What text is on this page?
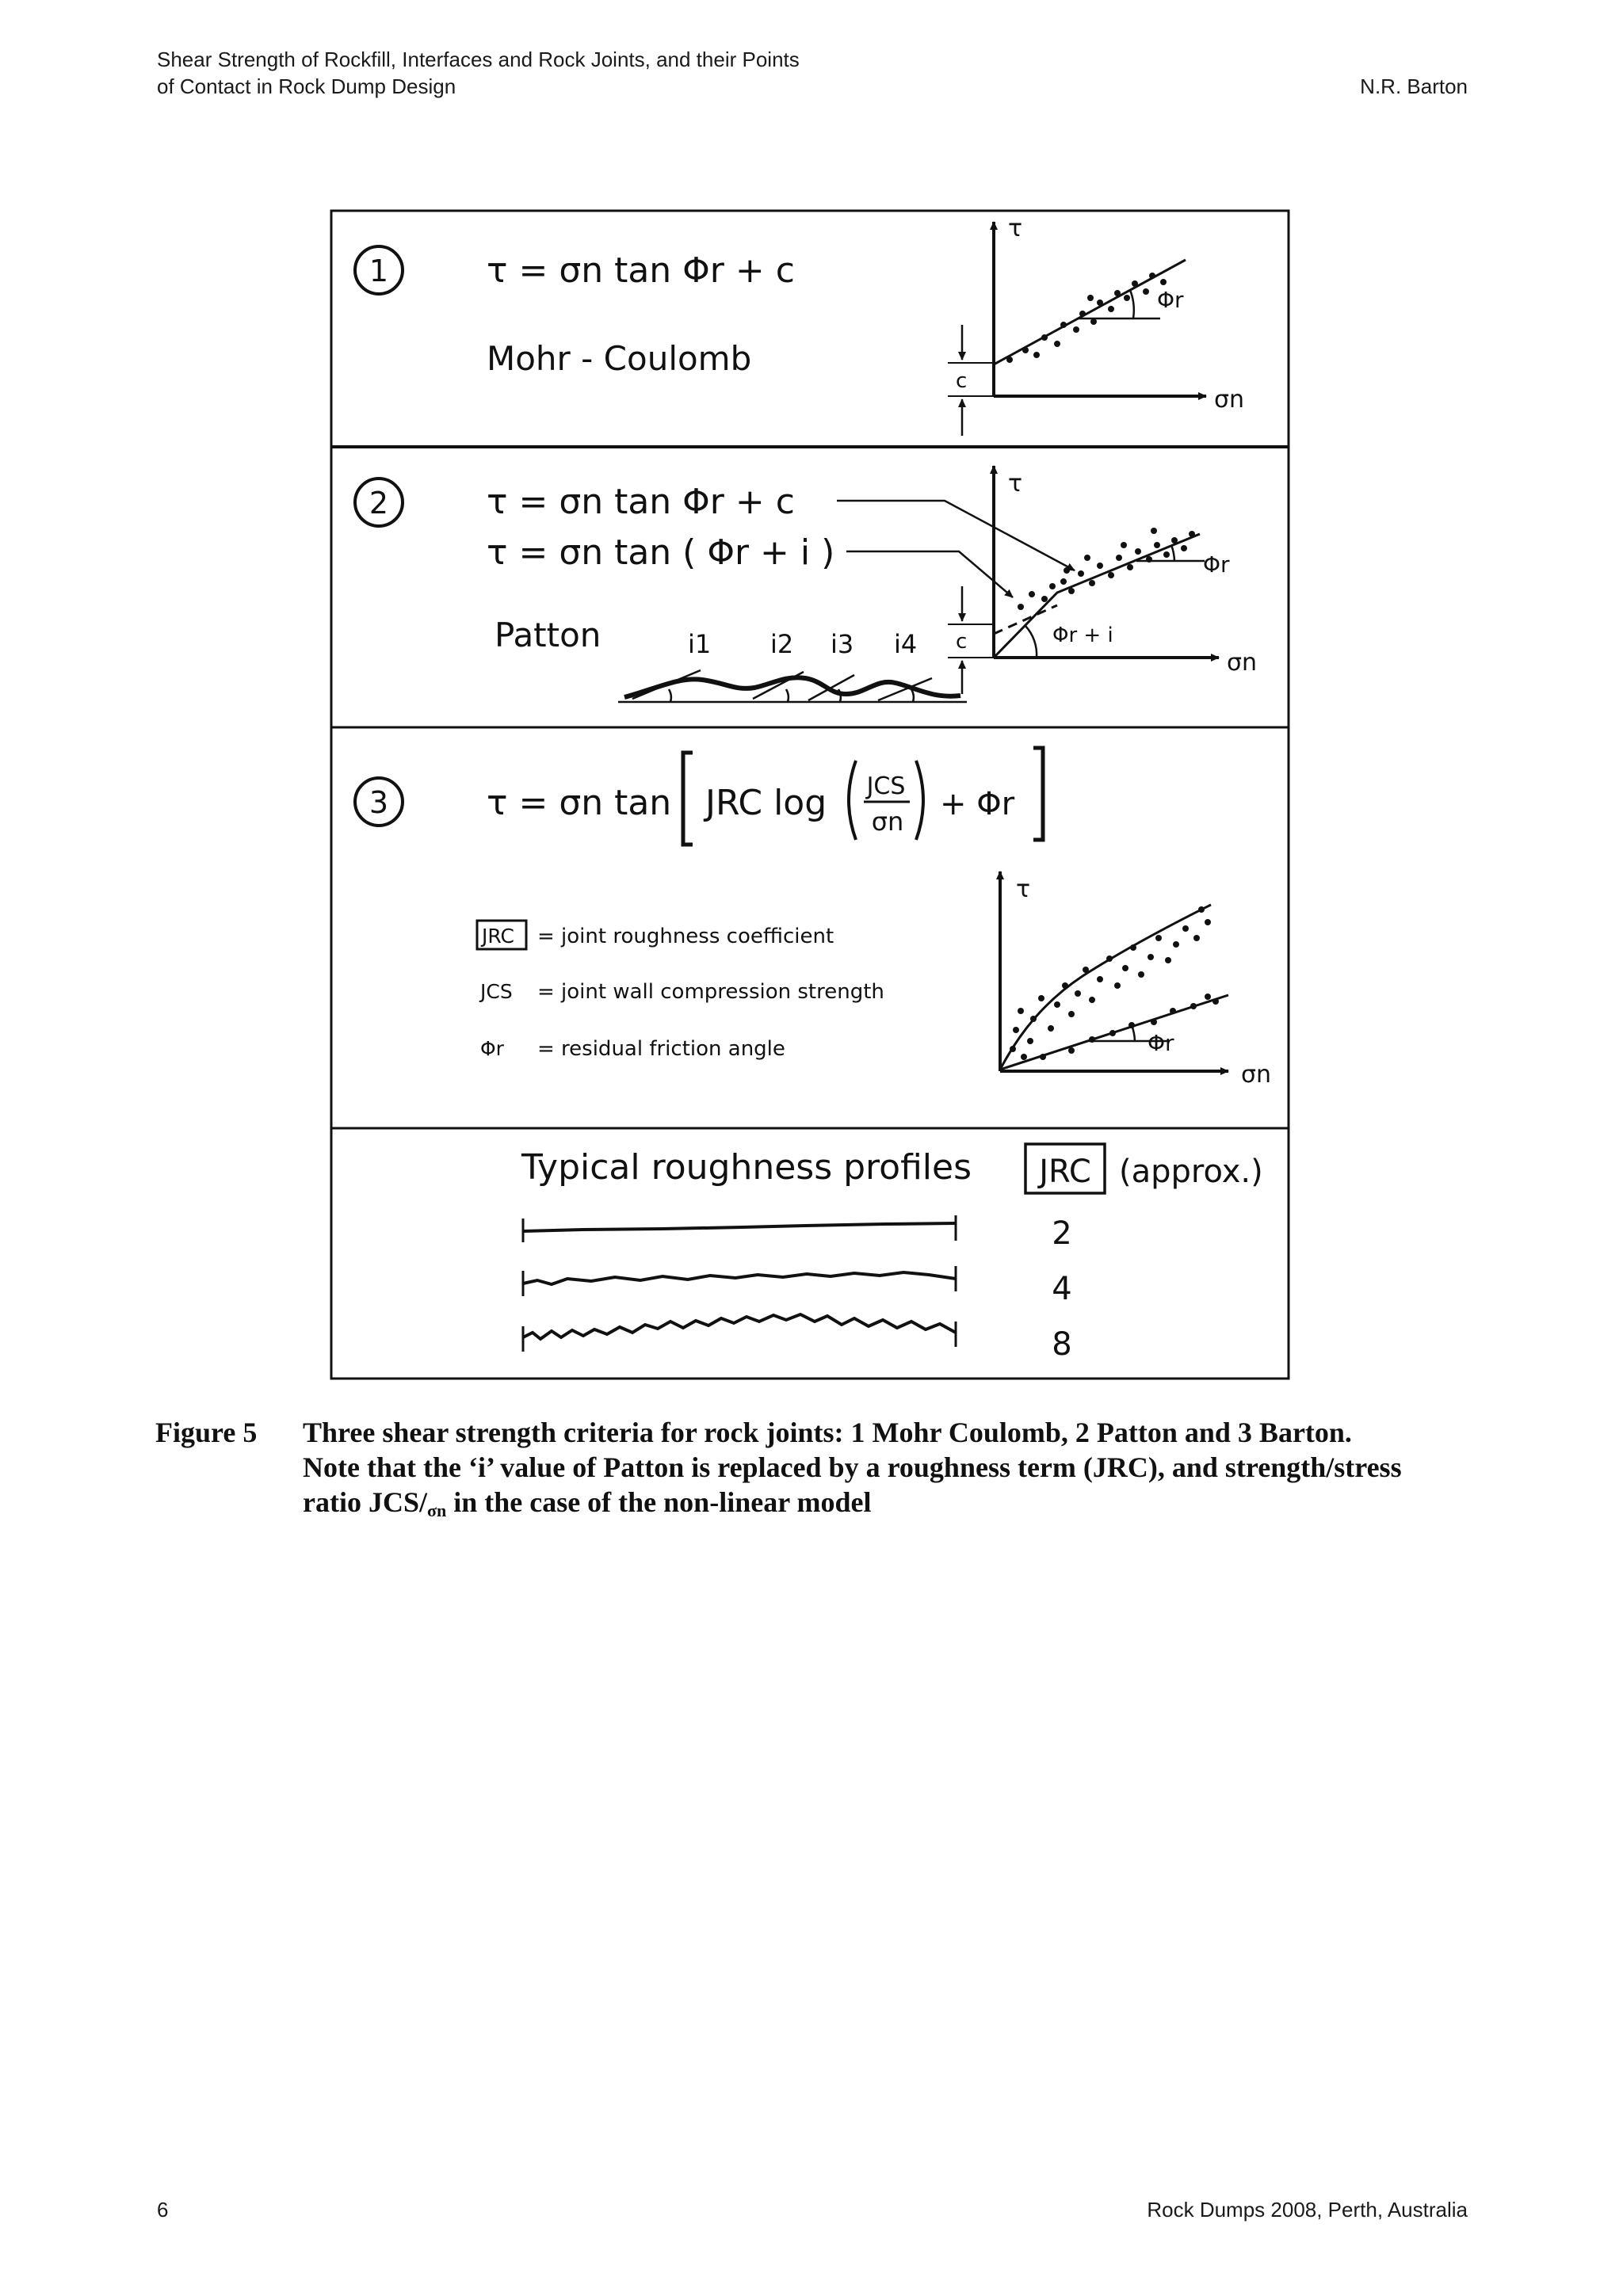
Shear Strength of Rockfill, Interfaces and Rock Joints, and their Points
of Contact in Rock Dump Design	N.R. Barton
1	τ = σn tan Φr + c
Mohr - Coulomb
τ
σn
Φr
c
2	τ = σn tan Φr + c
τ = σn tan ( Φr + i )
Patton	i1 i2 i3 i4
τ
σn
Φr
Φr + i
c
3	τ = σn tan JRC log JCS
σn + Φr
JRC = joint roughness coefficient
JCS = joint wall compression strength
Φr = residual friction angle
τ
σn
Φr
Typical roughness profiles JRC (approx.)
2
4
8
Figure 5	Three shear strength criteria for rock joints: 1 Mohr Coulomb, 2 Patton and 3 Barton.
Note that the ‘i’ value of Patton is replaced by a roughness term (JRC), and strength/stress
ratio JCS/σn in the case of the non-linear model
6	Rock Dumps 2008, Perth, Australia
